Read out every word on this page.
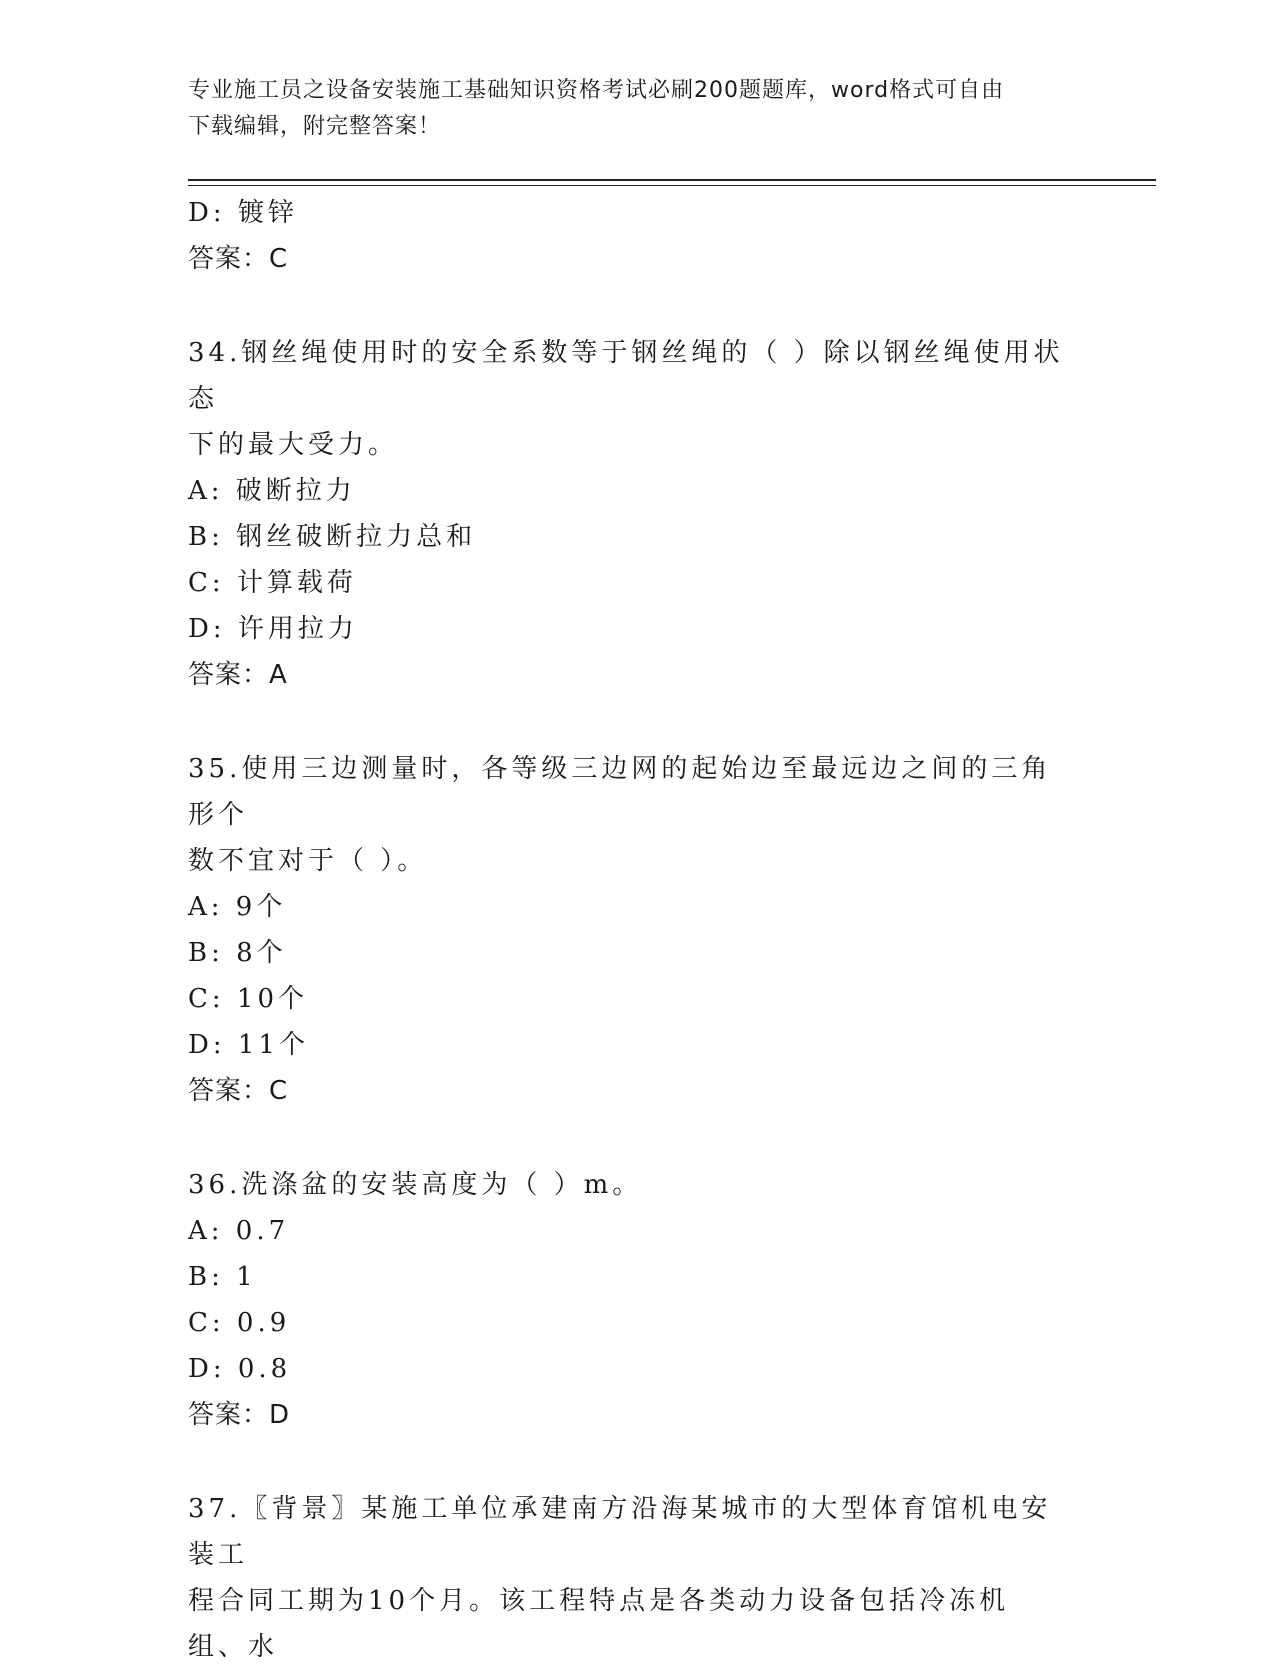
专业施工员之设备安装施工基础知识资格考试必刷200题题库，word格式可自由
下载编辑，附完整答案！
D: 镀锌
答案：C
34.钢丝绳使用时的安全系数等于钢丝绳的（ ）除以钢丝绳使用状态
下的最大受力。
A: 破断拉力
B: 钢丝破断拉力总和
C: 计算载荷
D: 许用拉力
答案：A
35.使用三边测量时，各等级三边网的起始边至最远边之间的三角形个
数不宜对于（ ）。
A: 9个
B: 8个
C: 10个
D: 11个
答案：C
36.洗涤盆的安装高度为（ ）m。
A: 0.7
B: 1
C: 0.9
D: 0.8
答案：D
37.〖背景〗某施工单位承建南方沿海某城市的大型体育馆机电安装工
程合同工期为10个月。该工程特点是各类动力设备包括冷冻机组、水
